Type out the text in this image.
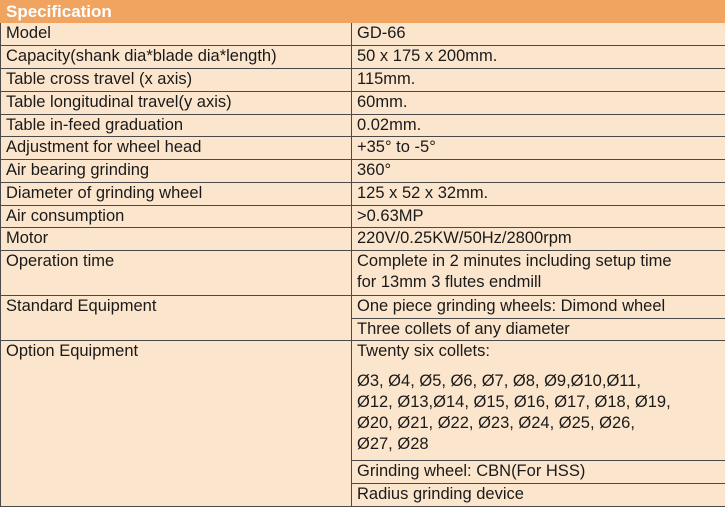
Specification	
Model	GD-66
Capacity(shank dia*blade dia*length)	50 x 175 x 200mm.
Table cross travel (x axis)	115mm.
Table longitudinal travel(y axis)	60mm.
Table in-feed graduation	0.02mm.
Adjustment for wheel head	+35° to -5°
Air bearing grinding	360°
Diameter of grinding wheel	125 x 52 x 32mm.
Air consumption	>0.63MP
Motor	220V/0.25KW/50Hz/2800rpm
Operation time	Complete in 2 minutes including setup time
for 13mm 3 flutes endmill

Standard Equipment	One piece grinding wheels: Dimond wheel
	Three collets of any diameter
Option Equipment	Twenty six collets:
Ø3, Ø4, Ø5, Ø6, Ø7, Ø8, Ø9,Ø10,Ø11,
Ø12, Ø13,Ø14, Ø15, Ø16, Ø17, Ø18, Ø19,
Ø20, Ø21, Ø22, Ø23, Ø24, Ø25, Ø26,
Ø27, Ø28

	Grinding wheel: CBN(For HSS)
	Radius grinding device
